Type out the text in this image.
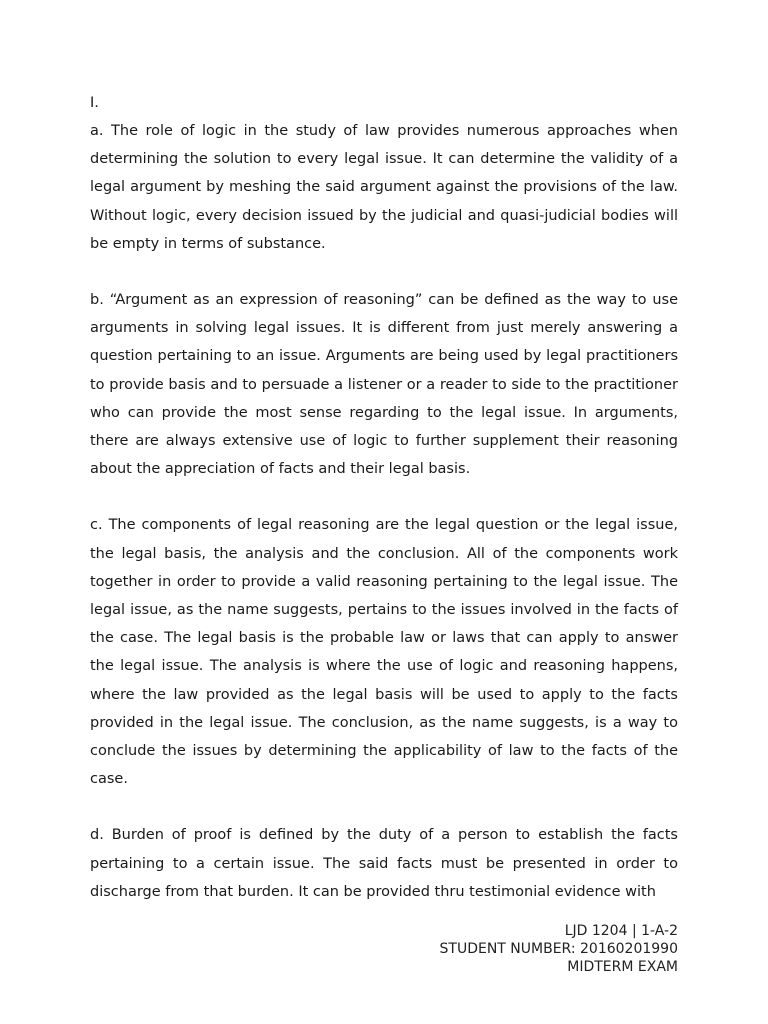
I.

a. The role of logic in the study of law provides numerous approaches when determining the solution to every legal issue. It can determine the validity of a legal argument by meshing the said argument against the provisions of the law. Without logic, every decision issued by the judicial and quasi-judicial bodies will be empty in terms of substance.

b. “Argument as an expression of reasoning” can be defined as the way to use arguments in solving legal issues. It is different from just merely answering a question pertaining to an issue. Arguments are being used by legal practitioners to provide basis and to persuade a listener or a reader to side to the practitioner who can provide the most sense regarding to the legal issue. In arguments, there are always extensive use of logic to further supplement their reasoning about the appreciation of facts and their legal basis.

c. The components of legal reasoning are the legal question or the legal issue, the legal basis, the analysis and the conclusion. All of the components work together in order to provide a valid reasoning pertaining to the legal issue. The legal issue, as the name suggests, pertains to the issues involved in the facts of the case. The legal basis is the probable law or laws that can apply to answer the legal issue. The analysis is where the use of logic and reasoning happens, where the law provided as the legal basis will be used to apply to the facts provided in the legal issue. The conclusion, as the name suggests, is a way to conclude the issues by determining the applicability of law to the facts of the case.

d. Burden of proof is defined by the duty of a person to establish the facts pertaining to a certain issue. The said facts must be presented in order to discharge from that burden. It can be provided thru testimonial evidence with

LJD 1204 | 1-A-2
STUDENT NUMBER: 20160201990
MIDTERM EXAM
